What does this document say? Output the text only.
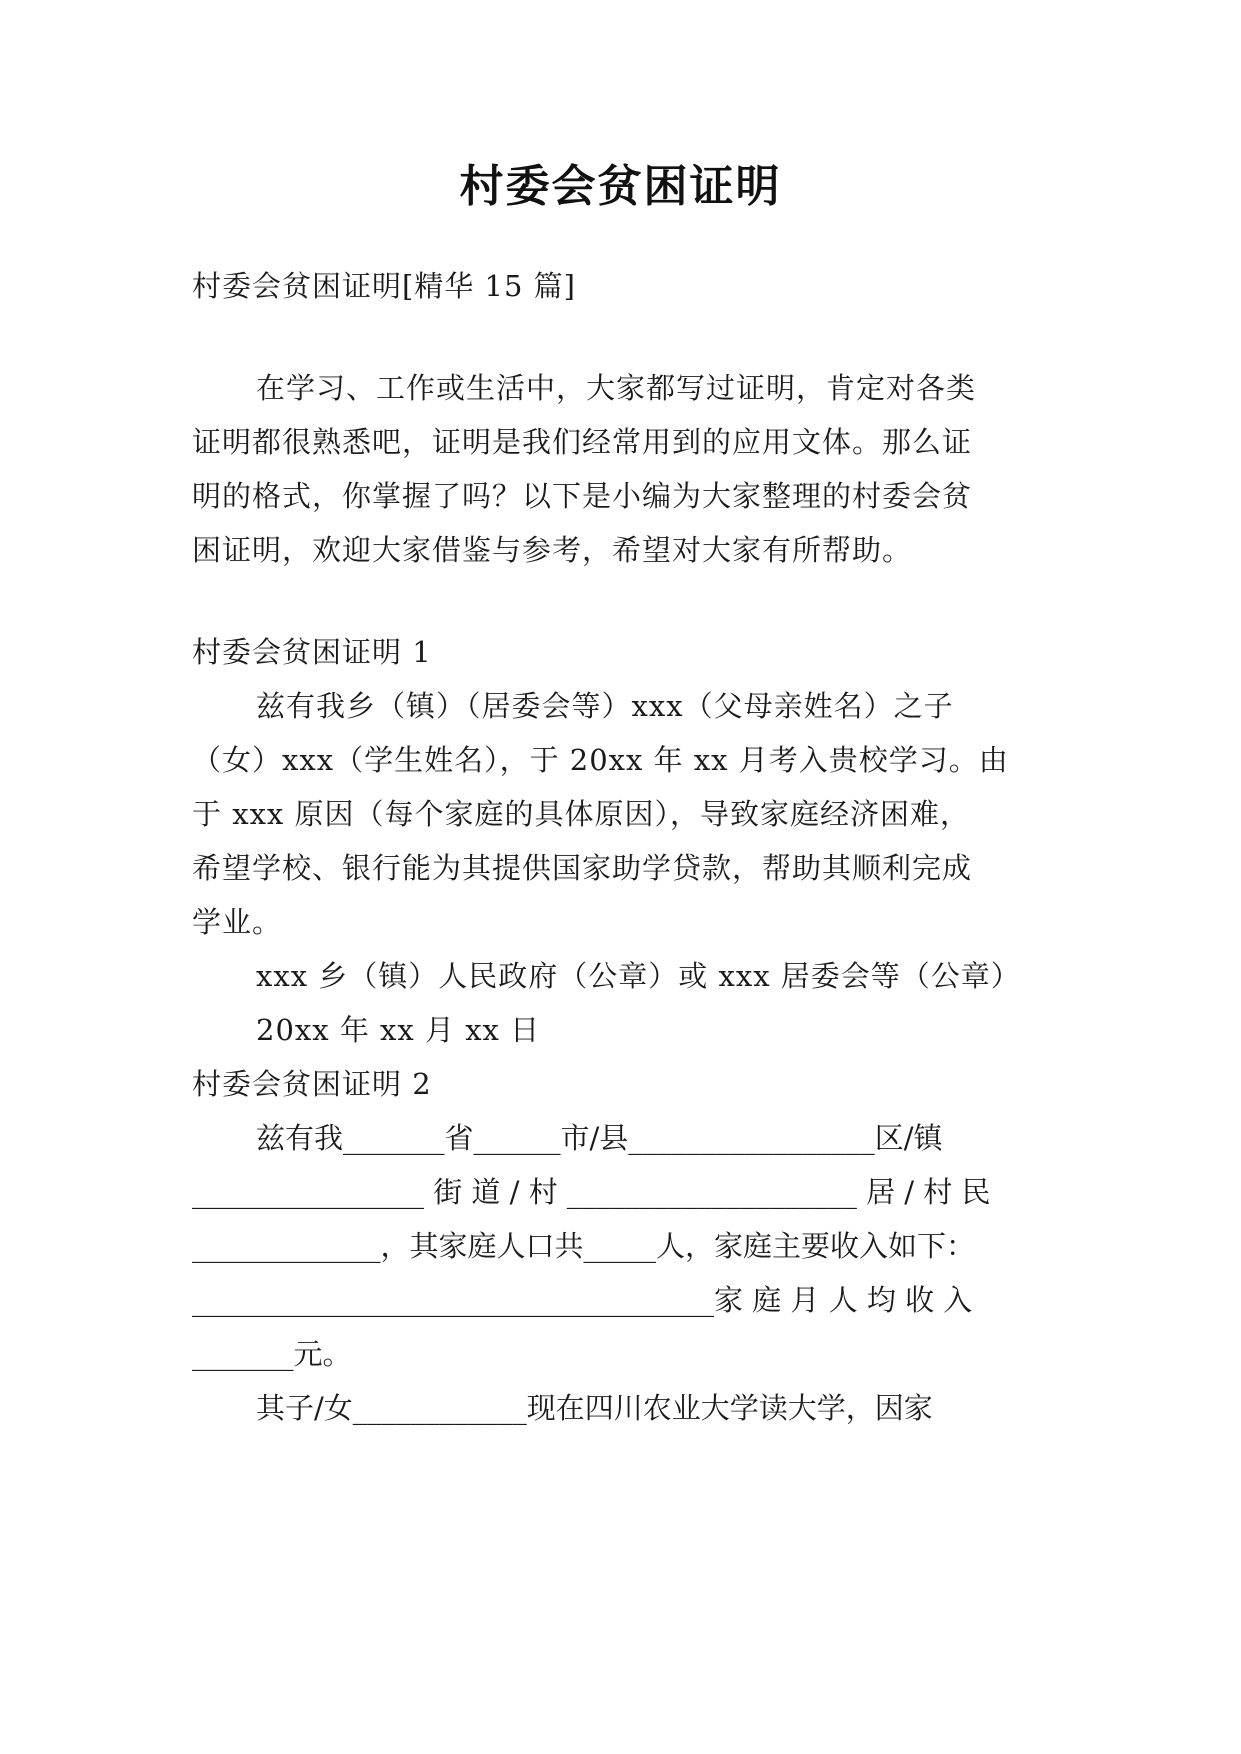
村委会贫困证明
村委会贫困证明[精华 15 篇]
在学习、工作或生活中，大家都写过证明，肯定对各类
证明都很熟悉吧，证明是我们经常用到的应用文体。那么证
明的格式，你掌握了吗？以下是小编为大家整理的村委会贫
困证明，欢迎大家借鉴与参考，希望对大家有所帮助。
村委会贫困证明 1
兹有我乡（镇）（居委会等）xxx（父母亲姓名）之子
（女）xxx（学生姓名），于 20xx 年 xx 月考入贵校学习。由
于 xxx 原因（每个家庭的具体原因），导致家庭经济困难，
希望学校、银行能为其提供国家助学贷款，帮助其顺利完成
学业。
xxx 乡（镇）人民政府（公章）或 xxx 居委会等（公章）
20xx 年 xx 月 xx 日
村委会贫困证明 2
兹有我_______省______市/县_________________区/镇
________________ 街 道 / 村 ____________________ 居 / 村 民
_____________，其家庭人口共_____人，家庭主要收入如下：
____________________________________家 庭 月 人 均 收 入
_______元。
其子/女____________现在四川农业大学读大学，因家
